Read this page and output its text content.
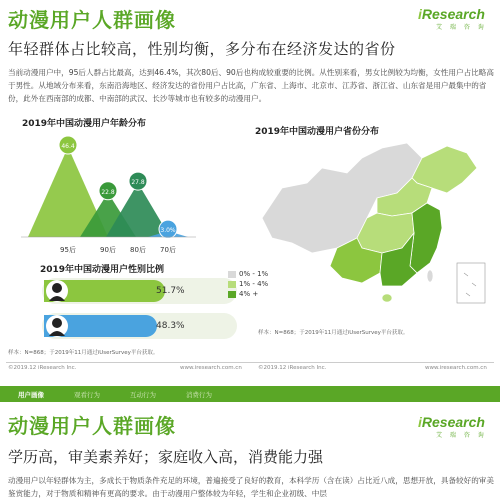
动漫用户人群画像	iResearch
艾 瑞 咨 询
年轻群体占比较高，性别均衡，多分布在经济发达的省份
当前动漫用户中，95后人群占比最高，达到46.4%，其次80后、90后也构成较重要的比例。从性别来看，男女比例较为均衡，女性用户占比略高于男性。从地域分布来看，东南沿海地区、经济发达的省份用户占比高，广东省、上海市、北京市、江苏省、浙江省、山东省是用户最集中的省份，此外在西南部的成都、中南部的武汉、长沙等城市也有较多的动漫用户。
2019年中国动漫用户年龄分布
46.4
95后
22.8
90后
27.8
80后
3.0%
70后
2019年中国动漫用户性别比例
51.7%
48.3%
2019年中国动漫用户省份分布
0% - 1%
1% - 4%
4% +
样本：N=868；于2019年11月通过iUserSurvey平台获取。
样本：N=868；于2019年11月通过iUserSurvey平台获取。
©2019.12 iResearch Inc.	www.iresearch.com.cn	©2019.12 iResearch Inc.	www.iresearch.com.cn
用户画像	观看行为	互动行为	消费行为
动漫用户人群画像	iResearch
艾 瑞 咨 询
学历高，审美素养好；家庭收入高，消费能力强
动漫用户以年轻群体为主，多成长于物质条件充足的环境，普遍接受了良好的教育，本科学历（含在读）占比近八成，思想开放，具备较好的审美鉴赏能力，对于物质和精神有更高的要求。由于动漫用户整体较为年轻，学生和企业初级、中层
